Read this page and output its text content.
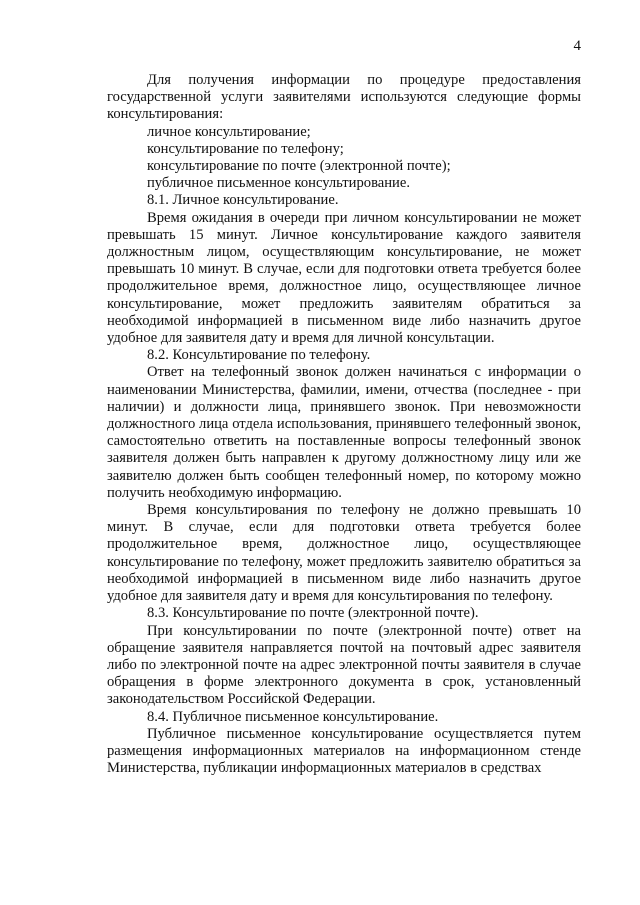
4

Для получения информации по процедуре предоставления государственной услуги заявителями используются следующие формы консультирования:

личное консультирование;

консультирование по телефону;

консультирование по почте (электронной почте);

публичное письменное консультирование.

8.1. Личное консультирование.

Время ожидания в очереди при личном консультировании не может превышать 15 минут. Личное консультирование каждого заявителя должностным лицом, осуществляющим консультирование, не может превышать 10 минут. В случае, если для подготовки ответа требуется более продолжительное время, должностное лицо, осуществляющее личное консультирование, может предложить заявителям обратиться за необходимой информацией в письменном виде либо назначить другое удобное для заявителя дату и время для личной консультации.

8.2. Консультирование по телефону.

Ответ на телефонный звонок должен начинаться с информации о наименовании Министерства, фамилии, имени, отчества (последнее - при наличии) и должности лица, принявшего звонок. При невозможности должностного лица отдела использования, принявшего телефонный звонок, самостоятельно ответить на поставленные вопросы телефонный звонок заявителя должен быть направлен к другому должностному лицу или же заявителю должен быть сообщен телефонный номер, по которому можно получить необходимую информацию.

Время консультирования по телефону не должно превышать 10 минут. В случае, если для подготовки ответа требуется более продолжительное время, должностное лицо, осуществляющее консультирование по телефону, может предложить заявителю обратиться за необходимой информацией в письменном виде либо назначить другое удобное для заявителя дату и время для консультирования по телефону.

8.3. Консультирование по почте (электронной почте).

При консультировании по почте (электронной почте) ответ на обращение заявителя направляется почтой на почтовый адрес заявителя либо по электронной почте на адрес электронной почты заявителя в случае обращения в форме электронного документа в срок, установленный законодательством Российской Федерации.

8.4. Публичное письменное консультирование.

Публичное письменное консультирование осуществляется путем размещения информационных материалов на информационном стенде Министерства, публикации информационных материалов в средствах
